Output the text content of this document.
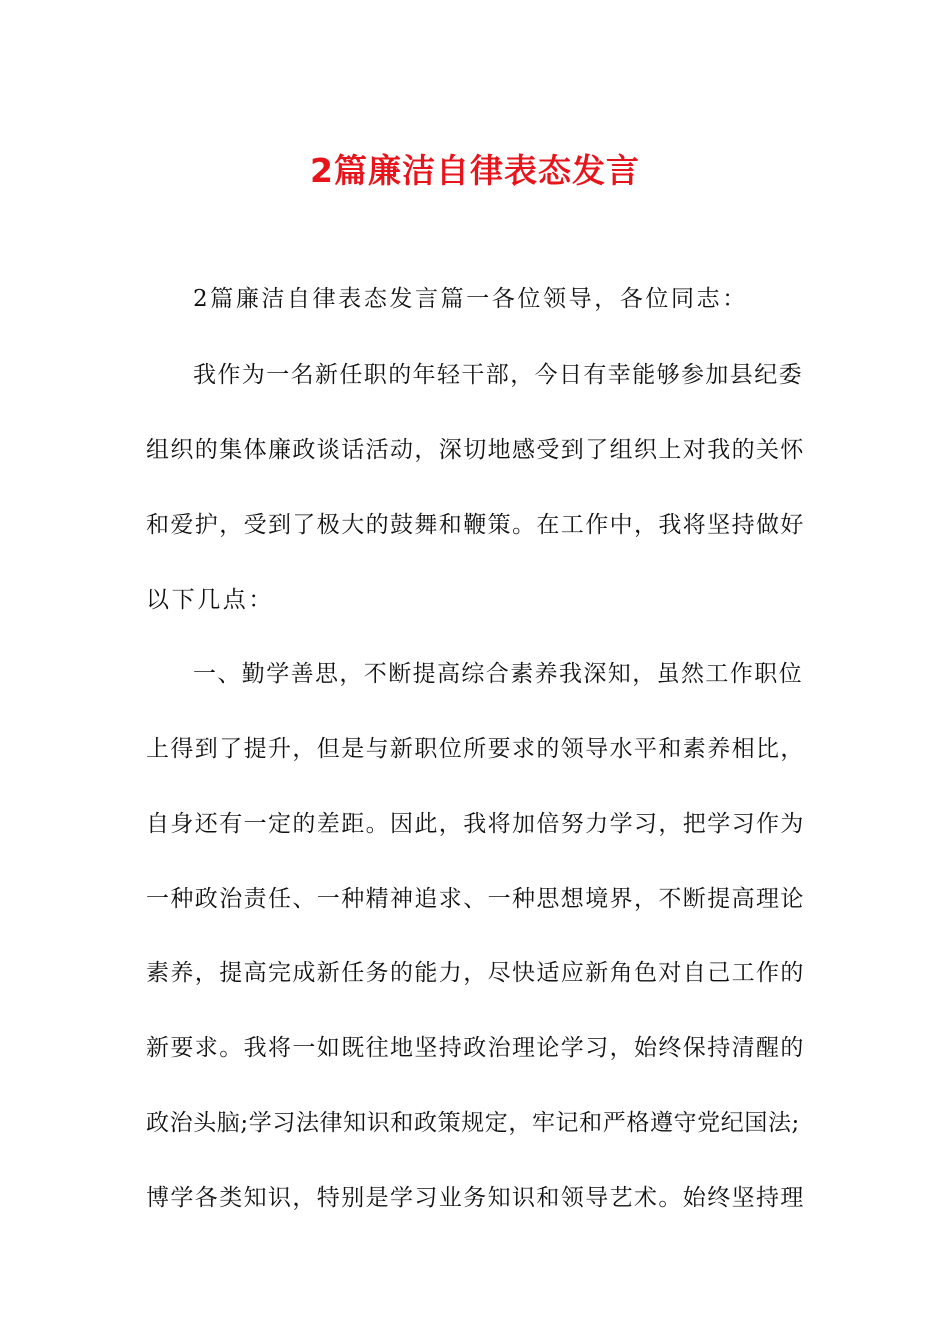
2篇廉洁自律表态发言
2篇廉洁自律表态发言篇一各位领导，各位同志：
我作为一名新任职的年轻干部，今日有幸能够参加县纪委
组织的集体廉政谈话活动，深切地感受到了组织上对我的关怀
和爱护，受到了极大的鼓舞和鞭策。在工作中，我将坚持做好
以下几点：
一、勤学善思，不断提高综合素养我深知，虽然工作职位
上得到了提升，但是与新职位所要求的领导水平和素养相比，
自身还有一定的差距。因此，我将加倍努力学习，把学习作为
一种政治责任、一种精神追求、一种思想境界，不断提高理论
素养，提高完成新任务的能力，尽快适应新角色对自己工作的
新要求。我将一如既往地坚持政治理论学习，始终保持清醒的
政治头脑;学习法律知识和政策规定，牢记和严格遵守党纪国法;
博学各类知识，特别是学习业务知识和领导艺术。始终坚持理
